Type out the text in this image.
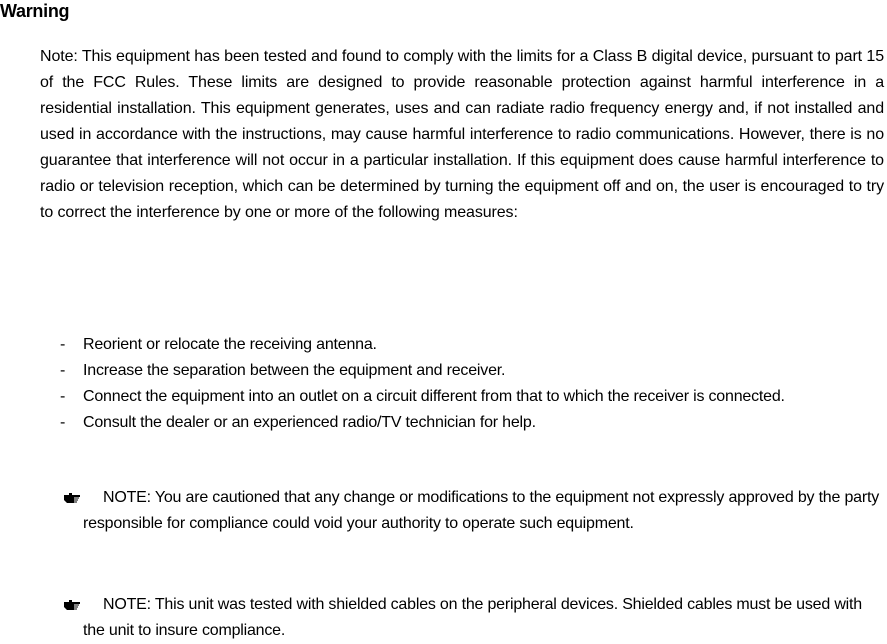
Warning

Note: This equipment has been tested and found to comply with the limits for a Class B digital device, pursuant to part 15 of the FCC Rules. These limits are designed to provide reasonable protection against harmful interference in a residential installation. This equipment generates, uses and can radiate radio frequency energy and, if not installed and used in accordance with the instructions, may cause harmful interference to radio communications. However, there is no guarantee that interference will not occur in a particular installation. If this equipment does cause harmful interference to radio or television reception, which can be determined by turning the equipment off and on, the user is encouraged to try to correct the interference by one or more of the following measures:

- Reorient or relocate the receiving antenna.
- Increase the separation between the equipment and receiver.
- Connect the equipment into an outlet on a circuit different from that to which the receiver is connected.
- Consult the dealer or an experienced radio/TV technician for help.
NOTE: You are cautioned that any change or modifications to the equipment not expressly approved by the party responsible for compliance could void your authority to operate such equipment.
NOTE: This unit was tested with shielded cables on the peripheral devices. Shielded cables must be used with the unit to insure compliance.
